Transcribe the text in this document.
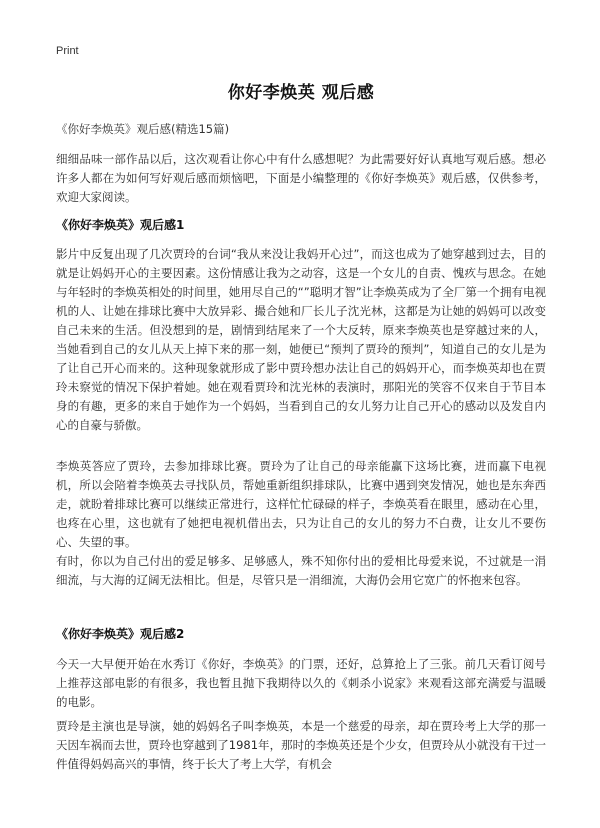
Print
你好李焕英 观后感

《你好李焕英》观后感(精选15篇)

细细品味一部作品以后，这次观看让你心中有什么感想呢？为此需要好好认真地写观后感。想必许多人都在为如何写好观后感而烦恼吧，下面是小编整理的《你好李焕英》观后感，仅供参考，欢迎大家阅读。

《你好李焕英》观后感1

影片中反复出现了几次贾玲的台词“我从来没让我妈开心过”，而这也成为了她穿越到过去，目的就是让妈妈开心的主要因素。这份情感让我为之动容，这是一个女儿的自责、愧疚与思念。在她与年轻时的李焕英相处的时间里，她用尽自己的“”聪明才智”让李焕英成为了全厂第一个拥有电视机的人、让她在排球比赛中大放异彩、撮合她和厂长儿子沈光林，这都是为让她的妈妈可以改变自己未来的生活。但没想到的是，剧情到结尾来了一个大反转，原来李焕英也是穿越过来的人，当她看到自己的女儿从天上掉下来的那一刻，她便已“预判了贾玲的预判”，知道自己的女儿是为了让自己开心而来的。这种现象就形成了影中贾玲想办法让自己的妈妈开心，而李焕英却也在贾玲未察觉的情况下保护着她。她在观看贾玲和沈光林的表演时，那阳光的笑容不仅来自于节目本身的有趣，更多的来自于她作为一个妈妈，当看到自己的女儿努力让自己开心的感动以及发自内心的自豪与骄傲。

李焕英答应了贾玲，去参加排球比赛。贾玲为了让自己的母亲能赢下这场比赛，进而赢下电视机，所以会陪着李焕英去寻找队员，帮她重新组织排球队，比赛中遇到突发情况，她也是东奔西走，就盼着排球比赛可以继续正常进行，这样忙忙碌碌的样子，李焕英看在眼里，感动在心里，也疼在心里，这也就有了她把电视机借出去，只为让自己的女儿的努力不白费，让女儿不要伤心、失望的事。

有时，你以为自己付出的爱足够多、足够感人，殊不知你付出的爱相比母爱来说，不过就是一涓细流，与大海的辽阔无法相比。但是，尽管只是一涓细流，大海仍会用它宽广的怀抱来包容。

《你好李焕英》观后感2

今天一大早便开始在水秀订《你好，李焕英》的门票，还好，总算抢上了三张。前几天看订阅号上推荐这部电影的有很多，我也暂且抛下我期待以久的《刺杀小说家》来观看这部充满爱与温暖的电影。

贾玲是主演也是导演，她的妈妈名子叫李焕英，本是一个慈爱的母亲，却在贾玲考上大学的那一天因车祸而去世，贾玲也穿越到了1981年，那时的李焕英还是个少女，但贾玲从小就没有干过一件值得妈妈高兴的事情，终于长大了考上大学，有机会
